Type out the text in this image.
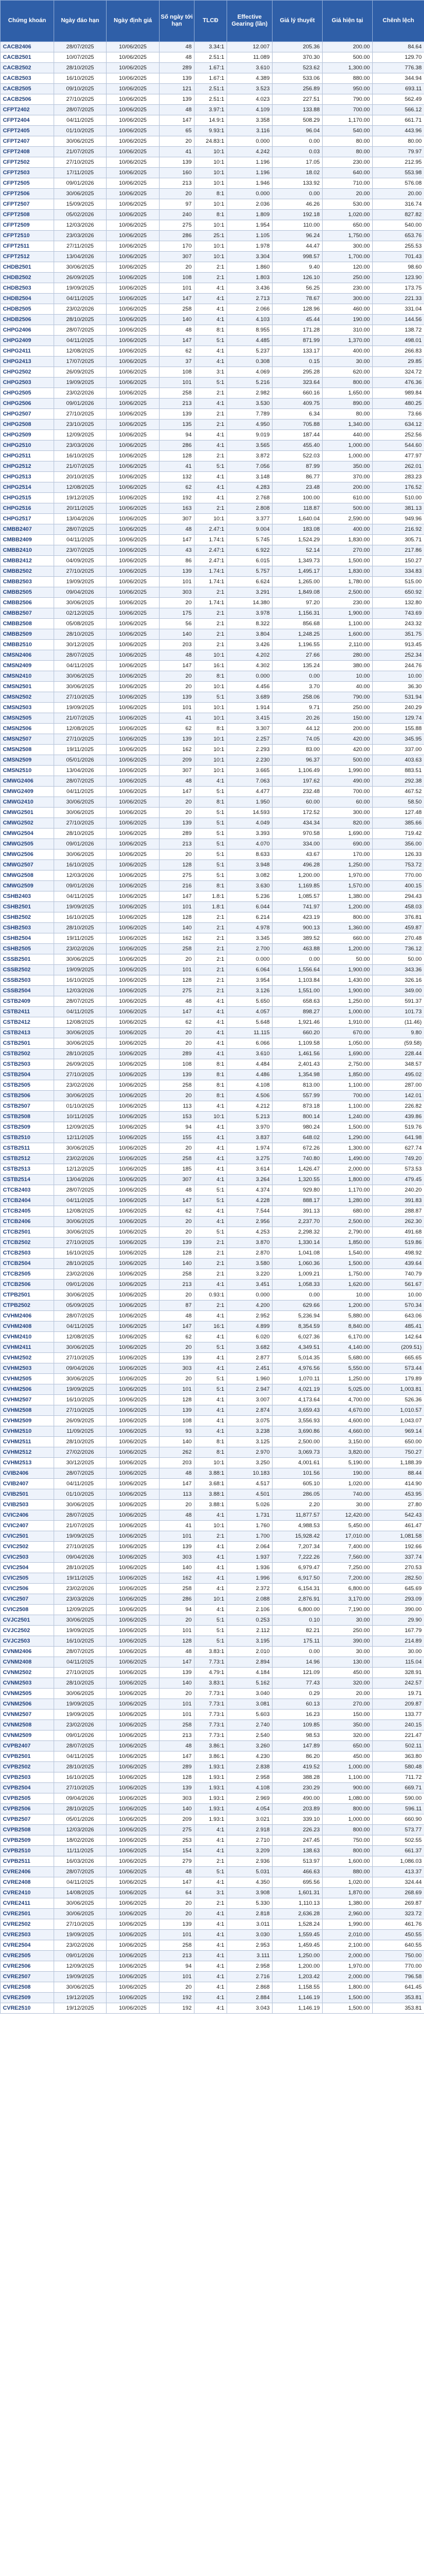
Chứng khoán	Ngày đáo hạn	Ngày định giá	Số ngày tới hạn	TLCĐ	Effective Gearing (lần)	Giá lý thuyết	Giá hiện tại	Chênh lệch
CACB2406	28/07/2025	10/06/2025	48	3.34:1	12.007	205.36	200.00	84.64
CACB2501	10/07/2025	10/06/2025	48	2.51:1	11.089	370.30	500.00	129.70
CACB2502	28/10/2025	10/06/2025	289	1.67:1	3.610	523.62	1,300.00	776.38
CACB2503	16/10/2025	10/06/2025	139	1.67:1	4.389	533.06	880.00	344.94
CACB2505	09/10/2025	10/06/2025	121	2.51:1	3.523	256.89	950.00	693.11
CACB2506	27/10/2025	10/06/2025	139	2.51:1	4.023	227.51	790.00	562.49
CFPT2402	28/07/2025	10/06/2025	48	3.97:1	4.109	133.88	700.00	566.12
CFPT2404	04/11/2025	10/06/2025	147	14.9:1	3.358	508.29	1,170.00	661.71
CFPT2405	01/10/2025	10/06/2025	65	9.93:1	3.116	96.04	540.00	443.96
CFPT2407	30/06/2025	10/06/2025	20	24.83:1	0.000	0.00	80.00	80.00
CFPT2408	21/07/2025	10/06/2025	41	10:1	4.242	0.03	80.00	79.97
CFPT2502	27/10/2025	10/06/2025	139	10:1	1.196	17.05	230.00	212.95
CFPT2503	17/11/2025	10/06/2025	160	10:1	1.196	18.02	640.00	553.98
CFPT2505	09/01/2026	10/06/2025	213	10:1	1.946	133.92	710.00	576.08
CFPT2506	30/06/2025	10/06/2025	20	8:1	0.000	0.00	20.00	20.00
CFPT2507	15/09/2025	10/06/2025	97	10:1	2.036	46.26	530.00	316.74
CFPT2508	05/02/2026	10/06/2025	240	8:1	1.809	192.18	1,020.00	827.82
CFPT2509	12/03/2026	10/06/2025	275	10:1	1.954	110.00	650.00	540.00
CFPT2510	23/03/2026	10/06/2025	286	25:1	1.105	96.24	1,750.00	653.76
CFPT2511	27/11/2025	10/06/2025	170	10:1	1.978	44.47	300.00	255.53
CFPT2512	13/04/2026	10/06/2025	307	10:1	3.304	998.57	1,700.00	701.43
CHDB2501	30/06/2025	10/06/2025	20	2:1	1.860	9.40	120.00	98.60
CHDB2502	26/09/2025	10/06/2025	108	2:1	1.803	126.10	250.00	123.90
CHDB2503	19/09/2025	10/06/2025	101	4:1	3.436	56.25	230.00	173.75
CHDB2504	04/11/2025	10/06/2025	147	4:1	2.713	78.67	300.00	221.33
CHDB2505	23/02/2026	10/06/2025	258	4:1	2.066	128.96	460.00	331.04
CHDB2506	28/10/2025	10/06/2025	140	4:1	4.103	45.44	190.00	144.56
CHPG2406	28/07/2025	10/06/2025	48	8:1	8.955	171.28	310.00	138.72
CHPG2409	04/11/2025	10/06/2025	147	5:1	4.485	871.99	1,370.00	498.01
CHPG2411	12/08/2025	10/06/2025	62	4:1	5.237	133.17	400.00	266.83
CHPG2413	17/07/2025	10/06/2025	37	4:1	0.308	0.15	30.00	29.85
CHPG2502	26/09/2025	10/06/2025	108	3:1	4.069	295.28	620.00	324.72
CHPG2503	19/09/2025	10/06/2025	101	5:1	5.216	323.64	800.00	476.36
CHPG2505	23/02/2026	10/06/2025	258	2:1	2.982	660.16	1,650.00	989.84
CHPG2506	09/01/2026	10/06/2025	213	4:1	3.530	409.75	890.00	480.25
CHPG2507	27/10/2025	10/06/2025	139	2:1	7.789	6.34	80.00	73.66
CHPG2508	23/10/2025	10/06/2025	135	2:1	4.950	705.88	1,340.00	634.12
CHPG2509	12/09/2025	10/06/2025	94	4:1	9.019	187.44	440.00	252.56
CHPG2510	23/03/2026	10/06/2025	286	4:1	3.565	455.40	1,000.00	544.60
CHPG2511	16/10/2025	10/06/2025	128	2:1	3.872	522.03	1,000.00	477.97
CHPG2512	21/07/2025	10/06/2025	41	5:1	7.056	87.99	350.00	262.01
CHPG2513	20/10/2025	10/06/2025	132	4:1	3.148	86.77	370.00	283.23
CHPG2514	12/08/2025	10/06/2025	62	4:1	4.283	23.48	200.00	176.52
CHPG2515	19/12/2025	10/06/2025	192	4:1	2.768	100.00	610.00	510.00
CHPG2516	20/11/2025	10/06/2025	163	2:1	2.808	118.87	500.00	381.13
CHPG2517	13/04/2026	10/06/2025	307	10:1	3.377	1,640.04	2,590.00	949.96
CMBB2407	28/07/2025	10/06/2025	48	2.47:1	9.004	183.08	400.00	216.92
CMBB2409	04/11/2025	10/06/2025	147	1.74:1	5.745	1,524.29	1,830.00	305.71
CMBB2410	23/07/2025	10/06/2025	43	2.47:1	6.922	52.14	270.00	217.86
CMBB2412	04/09/2025	10/06/2025	86	2.47:1	6.015	1,349.73	1,500.00	150.27
CMBB2502	27/10/2025	10/06/2025	139	1.74:1	5.757	1,495.17	1,830.00	334.83
CMBB2503	19/09/2025	10/06/2025	101	1.74:1	6.624	1,265.00	1,780.00	515.00
CMBB2505	09/04/2026	10/06/2025	303	2:1	3.291	1,849.08	2,500.00	650.92
CMBB2506	30/06/2025	10/06/2025	20	1.74:1	14.380	97.20	230.00	132.80
CMBB2507	02/12/2025	10/06/2025	175	2:1	3.978	1,156.31	1,900.00	743.69
CMBB2508	05/08/2025	10/06/2025	56	2:1	8.322	856.68	1,100.00	243.32
CMBB2509	28/10/2025	10/06/2025	140	2:1	3.804	1,248.25	1,600.00	351.75
CMBB2510	30/12/2025	10/06/2025	203	2:1	3.426	1,196.55	2,110.00	913.45
CMSN2406	28/07/2025	10/06/2025	48	10:1	4.202	27.66	280.00	252.34
CMSN2409	04/11/2025	10/06/2025	147	16:1	4.302	135.24	380.00	244.76
CMSN2410	30/06/2025	10/06/2025	20	8:1	0.000	0.00	10.00	10.00
CMSN2501	30/06/2025	10/06/2025	20	10:1	4.456	3.70	40.00	36.30
CMSN2502	27/10/2025	10/06/2025	139	5:1	3.689	258.06	790.00	531.94
CMSN2503	19/09/2025	10/06/2025	101	10:1	1.914	9.71	250.00	240.29
CMSN2505	21/07/2025	10/06/2025	41	10:1	3.415	20.26	150.00	129.74
CMSN2506	12/08/2025	10/06/2025	62	8:1	3.307	44.12	200.00	155.88
CMSN2507	27/10/2025	10/06/2025	139	10:1	2.257	74.05	420.00	345.95
CMSN2508	19/11/2025	10/06/2025	162	10:1	2.293	83.00	420.00	337.00
CMSN2509	05/01/2026	10/06/2025	209	10:1	2.230	96.37	500.00	403.63
CMSN2510	13/04/2026	10/06/2025	307	10:1	3.665	1,106.49	1,990.00	883.51
CMWG2406	28/07/2025	10/06/2025	48	4:1	7.063	197.62	490.00	292.38
CMWG2409	04/11/2025	10/06/2025	147	5:1	4.477	232.48	700.00	467.52
CMWG2410	30/06/2025	10/06/2025	20	8:1	1.950	60.00	60.00	58.50
CMWG2501	30/06/2025	10/06/2025	20	5:1	14.593	172.52	300.00	127.48
CMWG2502	27/10/2025	10/06/2025	139	5:1	4.049	434.34	820.00	385.66
CMWG2504	28/10/2025	10/06/2025	289	5:1	3.393	970.58	1,690.00	719.42
CMWG2505	09/01/2026	10/06/2025	213	5:1	4.070	334.00	690.00	356.00
CMWG2506	30/06/2025	10/06/2025	20	5:1	8.633	43.67	170.00	126.33
CMWG2507	16/10/2025	10/06/2025	128	5:1	3.948	496.28	1,250.00	753.72
CMWG2508	12/03/2026	10/06/2025	275	5:1	3.082	1,200.00	1,970.00	770.00
CMWG2509	09/01/2026	10/06/2025	216	8:1	3.630	1,169.85	1,570.00	400.15
CSHB2403	04/11/2025	10/06/2025	147	1.8:1	5.236	1,085.57	1,380.00	294.43
CSHB2501	19/09/2025	10/06/2025	101	1.8:1	6.044	741.97	1,200.00	458.03
CSHB2502	16/10/2025	10/06/2025	128	2:1	6.214	423.19	800.00	376.81
CSHB2503	28/10/2025	10/06/2025	140	2:1	4.978	900.13	1,360.00	459.87
CSHB2504	19/11/2025	10/06/2025	162	2:1	3.345	389.52	660.00	270.48
CSHB2505	23/02/2026	10/06/2025	258	2:1	2.700	463.88	1,200.00	736.12
CSSB2501	30/06/2025	10/06/2025	20	2:1	0.000	0.00	50.00	50.00
CSSB2502	19/09/2025	10/06/2025	101	2:1	6.064	1,556.64	1,900.00	343.36
CSSB2503	16/10/2025	10/06/2025	128	2:1	3.954	1,103.84	1,430.00	326.16
CSSB2504	12/03/2026	10/06/2025	275	2:1	3.126	1,551.00	1,900.00	349.00
CSTB2409	28/07/2025	10/06/2025	48	4:1	5.650	658.63	1,250.00	591.37
CSTB2411	04/11/2025	10/06/2025	147	4:1	4.057	898.27	1,000.00	101.73
CSTB2412	12/08/2025	10/06/2025	62	4:1	5.648	1,921.46	1,910.00	(11.46)
CSTB2413	30/06/2025	10/06/2025	20	4:1	11.115	660.20	670.00	9.80
CSTB2501	30/06/2025	10/06/2025	20	4:1	6.066	1,109.58	1,050.00	(59.58)
CSTB2502	28/10/2025	10/06/2025	289	4:1	3.610	1,461.56	1,690.00	228.44
CSTB2503	26/09/2025	10/06/2025	108	8:1	4.484	2,401.43	2,750.00	348.57
CSTB2504	27/10/2025	10/06/2025	139	8:1	4.486	1,354.98	1,850.00	495.02
CSTB2505	23/02/2026	10/06/2025	258	8:1	4.108	813.00	1,100.00	287.00
CSTB2506	30/06/2025	10/06/2025	20	8:1	4.506	557.99	700.00	142.01
CSTB2507	01/10/2025	10/06/2025	113	4:1	4.212	873.18	1,100.00	226.82
CSTB2508	10/11/2025	10/06/2025	153	10:1	5.213	800.14	1,240.00	439.86
CSTB2509	12/09/2025	10/06/2025	94	4:1	3.970	980.24	1,500.00	519.76
CSTB2510	12/11/2025	10/06/2025	155	4:1	3.837	648.02	1,290.00	641.98
CSTB2511	30/06/2025	10/06/2025	20	4:1	1.974	672.26	1,300.00	627.74
CSTB2512	23/02/2026	10/06/2025	258	4:1	3.275	740.80	1,490.00	749.20
CSTB2513	12/12/2025	10/06/2025	185	4:1	3.614	1,426.47	2,000.00	573.53
CSTB2514	13/04/2026	10/06/2025	307	4:1	3.264	1,320.55	1,800.00	479.45
CTCB2403	28/07/2025	10/06/2025	48	5:1	4.374	929.80	1,170.00	240.20
CTCB2404	04/11/2025	10/06/2025	147	5:1	4.228	888.17	1,280.00	391.83
CTCB2405	12/08/2025	10/06/2025	62	4:1	7.544	391.13	680.00	288.87
CTCB2406	30/06/2025	10/06/2025	20	4:1	2.956	2,237.70	2,500.00	262.30
CTCB2501	30/06/2025	10/06/2025	20	5:1	4.253	2,298.32	2,790.00	491.68
CTCB2502	27/10/2025	10/06/2025	139	2:1	3.870	1,330.14	1,850.00	519.86
CTCB2503	16/10/2025	10/06/2025	128	2:1	2.870	1,041.08	1,540.00	498.92
CTCB2504	28/10/2025	10/06/2025	140	2:1	3.580	1,060.36	1,500.00	439.64
CTCB2505	23/02/2026	10/06/2025	258	2:1	3.220	1,009.21	1,750.00	740.79
CTCB2506	09/01/2026	10/06/2025	213	4:1	3.451	1,058.33	1,620.00	561.67
CTPB2501	30/06/2025	10/06/2025	20	0.93:1	0.000	0.00	10.00	10.00
CTPB2502	05/09/2025	10/06/2025	87	2:1	4.200	629.66	1,200.00	570.34
CVHM2406	28/07/2025	10/06/2025	48	4:1	2.952	5,236.94	5,880.00	643.06
CVHM2408	04/11/2025	10/06/2025	147	16:1	4.899	8,354.59	8,840.00	485.41
CVHM2410	12/08/2025	10/06/2025	62	4:1	6.020	6,027.36	6,170.00	142.64
CVHM2411	30/06/2025	10/06/2025	20	5:1	3.682	4,349.51	4,140.00	(209.51)
CVHM2502	27/10/2025	10/06/2025	139	4:1	2.877	5,014.35	5,680.00	665.65
CVHM2503	09/04/2026	10/06/2025	303	4:1	2.451	4,976.56	5,550.00	573.44
CVHM2505	30/06/2025	10/06/2025	20	5:1	1.960	1,070.11	1,250.00	179.89
CVHM2506	19/09/2025	10/06/2025	101	5:1	2.947	4,021.19	5,025.00	1,003.81
CVHM2507	16/10/2025	10/06/2025	128	4:1	3.007	4,173.64	4,700.00	526.36
CVHM2508	27/10/2025	10/06/2025	139	4:1	2.874	3,659.43	4,670.00	1,010.57
CVHM2509	26/09/2025	10/06/2025	108	4:1	3.075	3,556.93	4,600.00	1,043.07
CVHM2510	11/09/2025	10/06/2025	93	4:1	3.238	3,690.86	4,660.00	969.14
CVHM2511	28/10/2025	10/06/2025	140	8:1	3.125	2,500.00	3,150.00	650.00
CVHM2512	27/02/2026	10/06/2025	262	8:1	2.970	3,069.73	3,820.00	750.27
CVHM2513	30/12/2025	10/06/2025	203	10:1	3.250	4,001.61	5,190.00	1,188.39
CVIB2406	28/07/2025	10/06/2025	48	3.88:1	10.183	101.56	190.00	88.44
CVIB2407	04/11/2025	10/06/2025	147	3.68:1	4.517	605.10	1,020.00	414.90
CVIB2501	01/10/2025	10/06/2025	113	3.88:1	4.501	286.05	740.00	453.95
CVIB2503	30/06/2025	10/06/2025	20	3.88:1	5.026	2.20	30.00	27.80
CVIC2406	28/07/2025	10/06/2025	48	4:1	1.731	11,877.57	12,420.00	542.43
CVIC2407	21/07/2025	10/06/2025	41	10:1	1.760	4,988.53	5,450.00	461.47
CVIC2501	19/09/2025	10/06/2025	101	2:1	1.700	15,928.42	17,010.00	1,081.58
CVIC2502	27/10/2025	10/06/2025	139	4:1	2.064	7,207.34	7,400.00	192.66
CVIC2503	09/04/2026	10/06/2025	303	4:1	1.937	7,222.26	7,560.00	337.74
CVIC2504	28/10/2025	10/06/2025	140	4:1	1.936	6,979.47	7,250.00	270.53
CVIC2505	19/11/2025	10/06/2025	162	4:1	1.996	6,917.50	7,200.00	282.50
CVIC2506	23/02/2026	10/06/2025	258	4:1	2.372	6,154.31	6,800.00	645.69
CVIC2507	23/03/2026	10/06/2025	286	10:1	2.088	2,876.91	3,170.00	293.09
CVIC2508	12/09/2025	10/06/2025	94	4:1	2.106	6,800.00	7,190.00	390.00
CVJC2501	30/06/2025	10/06/2025	20	5:1	0.253	0.10	30.00	29.90
CVJC2502	19/09/2025	10/06/2025	101	5:1	2.112	82.21	250.00	167.79
CVJC2503	16/10/2025	10/06/2025	128	5:1	3.195	175.11	390.00	214.89
CVNM2406	28/07/2025	10/06/2025	48	3.83:1	2.010	0.00	30.00	30.00
CVNM2408	04/11/2025	10/06/2025	147	7.73:1	2.894	14.96	130.00	115.04
CVNM2502	27/10/2025	10/06/2025	139	4.79:1	4.184	121.09	450.00	328.91
CVNM2503	28/10/2025	10/06/2025	140	3.83:1	5.162	77.43	320.00	242.57
CVNM2505	30/06/2025	10/06/2025	20	7.73:1	3.040	0.29	20.00	19.71
CVNM2506	19/09/2025	10/06/2025	101	7.73:1	3.081	60.13	270.00	209.87
CVNM2507	19/09/2025	10/06/2025	101	7.73:1	5.603	16.23	150.00	133.77
CVNM2508	23/02/2026	10/06/2025	258	7.73:1	2.740	109.85	350.00	240.15
CVNM2509	09/01/2026	10/06/2025	213	7.73:1	2.540	98.53	320.00	221.47
CVPB2407	28/07/2025	10/06/2025	48	3.86:1	3.260	147.89	650.00	502.11
CVPB2501	04/11/2025	10/06/2025	147	3.86:1	4.230	86.20	450.00	363.80
CVPB2502	28/10/2025	10/06/2025	289	1.93:1	2.838	419.52	1,000.00	580.48
CVPB2503	16/10/2025	10/06/2025	128	1.93:1	2.958	388.28	1,100.00	711.72
CVPB2504	27/10/2025	10/06/2025	139	1.93:1	4.108	230.29	900.00	669.71
CVPB2505	09/04/2026	10/06/2025	303	1.93:1	2.969	490.00	1,080.00	590.00
CVPB2506	28/10/2025	10/06/2025	140	1.93:1	4.054	203.89	800.00	596.11
CVPB2507	05/01/2026	10/06/2025	209	1.93:1	3.021	339.10	1,000.00	660.90
CVPB2508	12/03/2026	10/06/2025	275	4:1	2.918	226.23	800.00	573.77
CVPB2509	18/02/2026	10/06/2025	253	4:1	2.710	247.45	750.00	502.55
CVPB2510	11/11/2025	10/06/2025	154	4:1	3.209	138.63	800.00	661.37
CVPB2511	16/03/2026	10/06/2025	279	2:1	2.936	513.97	1,600.00	1,086.03
CVRE2406	28/07/2025	10/06/2025	48	5:1	5.031	466.63	880.00	413.37
CVRE2408	04/11/2025	10/06/2025	147	4:1	4.350	695.56	1,020.00	324.44
CVRE2410	14/08/2025	10/06/2025	64	3:1	3.908	1,601.31	1,870.00	268.69
CVRE2411	30/06/2025	10/06/2025	20	2:1	5.330	1,110.13	1,380.00	269.87
CVRE2501	30/06/2025	10/06/2025	20	4:1	2.818	2,636.28	2,960.00	323.72
CVRE2502	27/10/2025	10/06/2025	139	4:1	3.011	1,528.24	1,990.00	461.76
CVRE2503	19/09/2025	10/06/2025	101	4:1	3.030	1,559.45	2,010.00	450.55
CVRE2504	23/02/2026	10/06/2025	258	4:1	2.953	1,459.45	2,100.00	640.55
CVRE2505	09/01/2026	10/06/2025	213	4:1	3.111	1,250.00	2,000.00	750.00
CVRE2506	12/09/2025	10/06/2025	94	4:1	2.958	1,200.00	1,970.00	770.00
CVRE2507	19/09/2025	10/06/2025	101	4:1	2.716	1,203.42	2,000.00	796.58
CVRE2508	30/06/2025	10/06/2025	20	4:1	2.868	1,158.55	1,800.00	641.45
CVRE2509	19/12/2025	10/06/2025	192	4:1	2.884	1,146.19	1,500.00	353.81
CVRE2510	19/12/2025	10/06/2025	192	4:1	3.043	1,146.19	1,500.00	353.81
